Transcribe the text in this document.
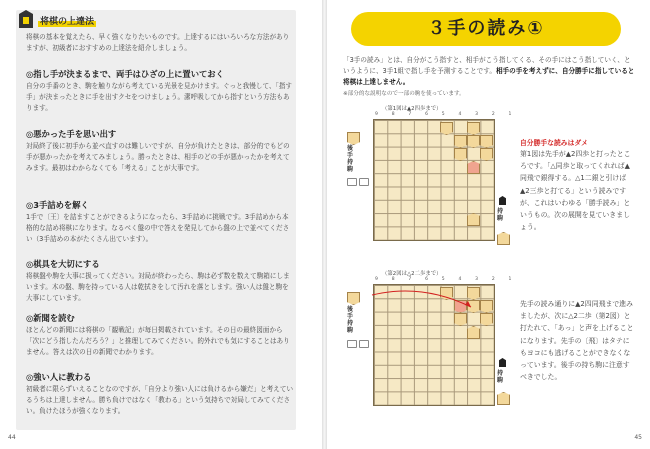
将棋の上達法
将棋の基本を覚えたら、早く強くなりたいものです。上達するにはいろいろな方法がありますが、初級者におすすめの上達法を紹介しましょう。
◎指し手が決まるまで、両手はひざの上に置いておく
自分の手番のとき、駒を触りながら考えている光景を見かけます。ぐっと我慢して、「指す手」が決まったときに手を出すクセをつけましょう。潔呼吸してから指すという方法もあります。
◎悪かった手を思い出す
対局終了後に初手から並べ直すのは難しいですが、自分が負けたときは、部分的でもどの手が悪かったかを考えてみましょう。勝ったときは、相手のどの手が悪かったかを考えてみます。最初はわからなくても「考える」ことが大事です。
◎3手詰めを解く
1手で〔王〕を詰ますことができるようになったら、3手詰めに挑戦です。3手詰めから本格的な詰め将棋になります。なるべく盤の中で答えを発見してから盤の上で並べてください（3手詰めの本がたくさん出ています）。
◎棋具を大切にする
将棋盤や駒を大事に扱ってください。対局が終わったら、駒は必ず数を数えて駒箱にしまいます。木の盤、駒を持っている人は乾拭きをして汚れを落とします。強い人は盤と駒を大事にしています。
◎新聞を読む
ほとんどの新聞には将棋の「観戦記」が毎日掲載されています。その日の最終図面から「次にどう指したんだろう？」と推理してみてください。的外れでも気にすることはありません。答えは次の日の新聞でわかります。
◎強い人に教わる
初級者に限らずいえることなのですが、「自分より強い人には負けるから嫌だ」と考えているうちは上達しません。勝ち負けではなく「教わる」という気持ちで対局してみてください。負けたほうが強くなります。
44
３手の読み①
「3手の読み」とは、自分がこう指すと、相手がこう指してくる、その手にはこう指していく、というように、3手1組で指し手を予測することです。相手の手を考えずに、自分勝手に指していると将棋は上達しません。
※部分的な説明なので一部の駒を使っています。
（第1図は▲2四歩まで）
9 8 7 6 5 4 3 2 1
後手持駒
持駒
（第2図は△2二歩まで）
9 8 7 6 5 4 3 2 1
後手持駒
持駒
自分勝手な読みはダメ
第1図は先手が▲2四歩と打ったところです。「△同歩と取ってくれれば▲同飛で銀得する。△1二銀と引けば▲2三歩と打てる」という読みですが、これはいわゆる「勝手読み」というもの。次の展開を見ていきましょう。
先手の読み通りに▲2四同飛まで進みましたが、次に△2二歩（第2図）と打たれて、「あっ」と声を上げることになります。先手の〔飛〕はタテにもヨコにも逃げることができなくなっています。後手の持ち駒に注意すべきでした。
45
